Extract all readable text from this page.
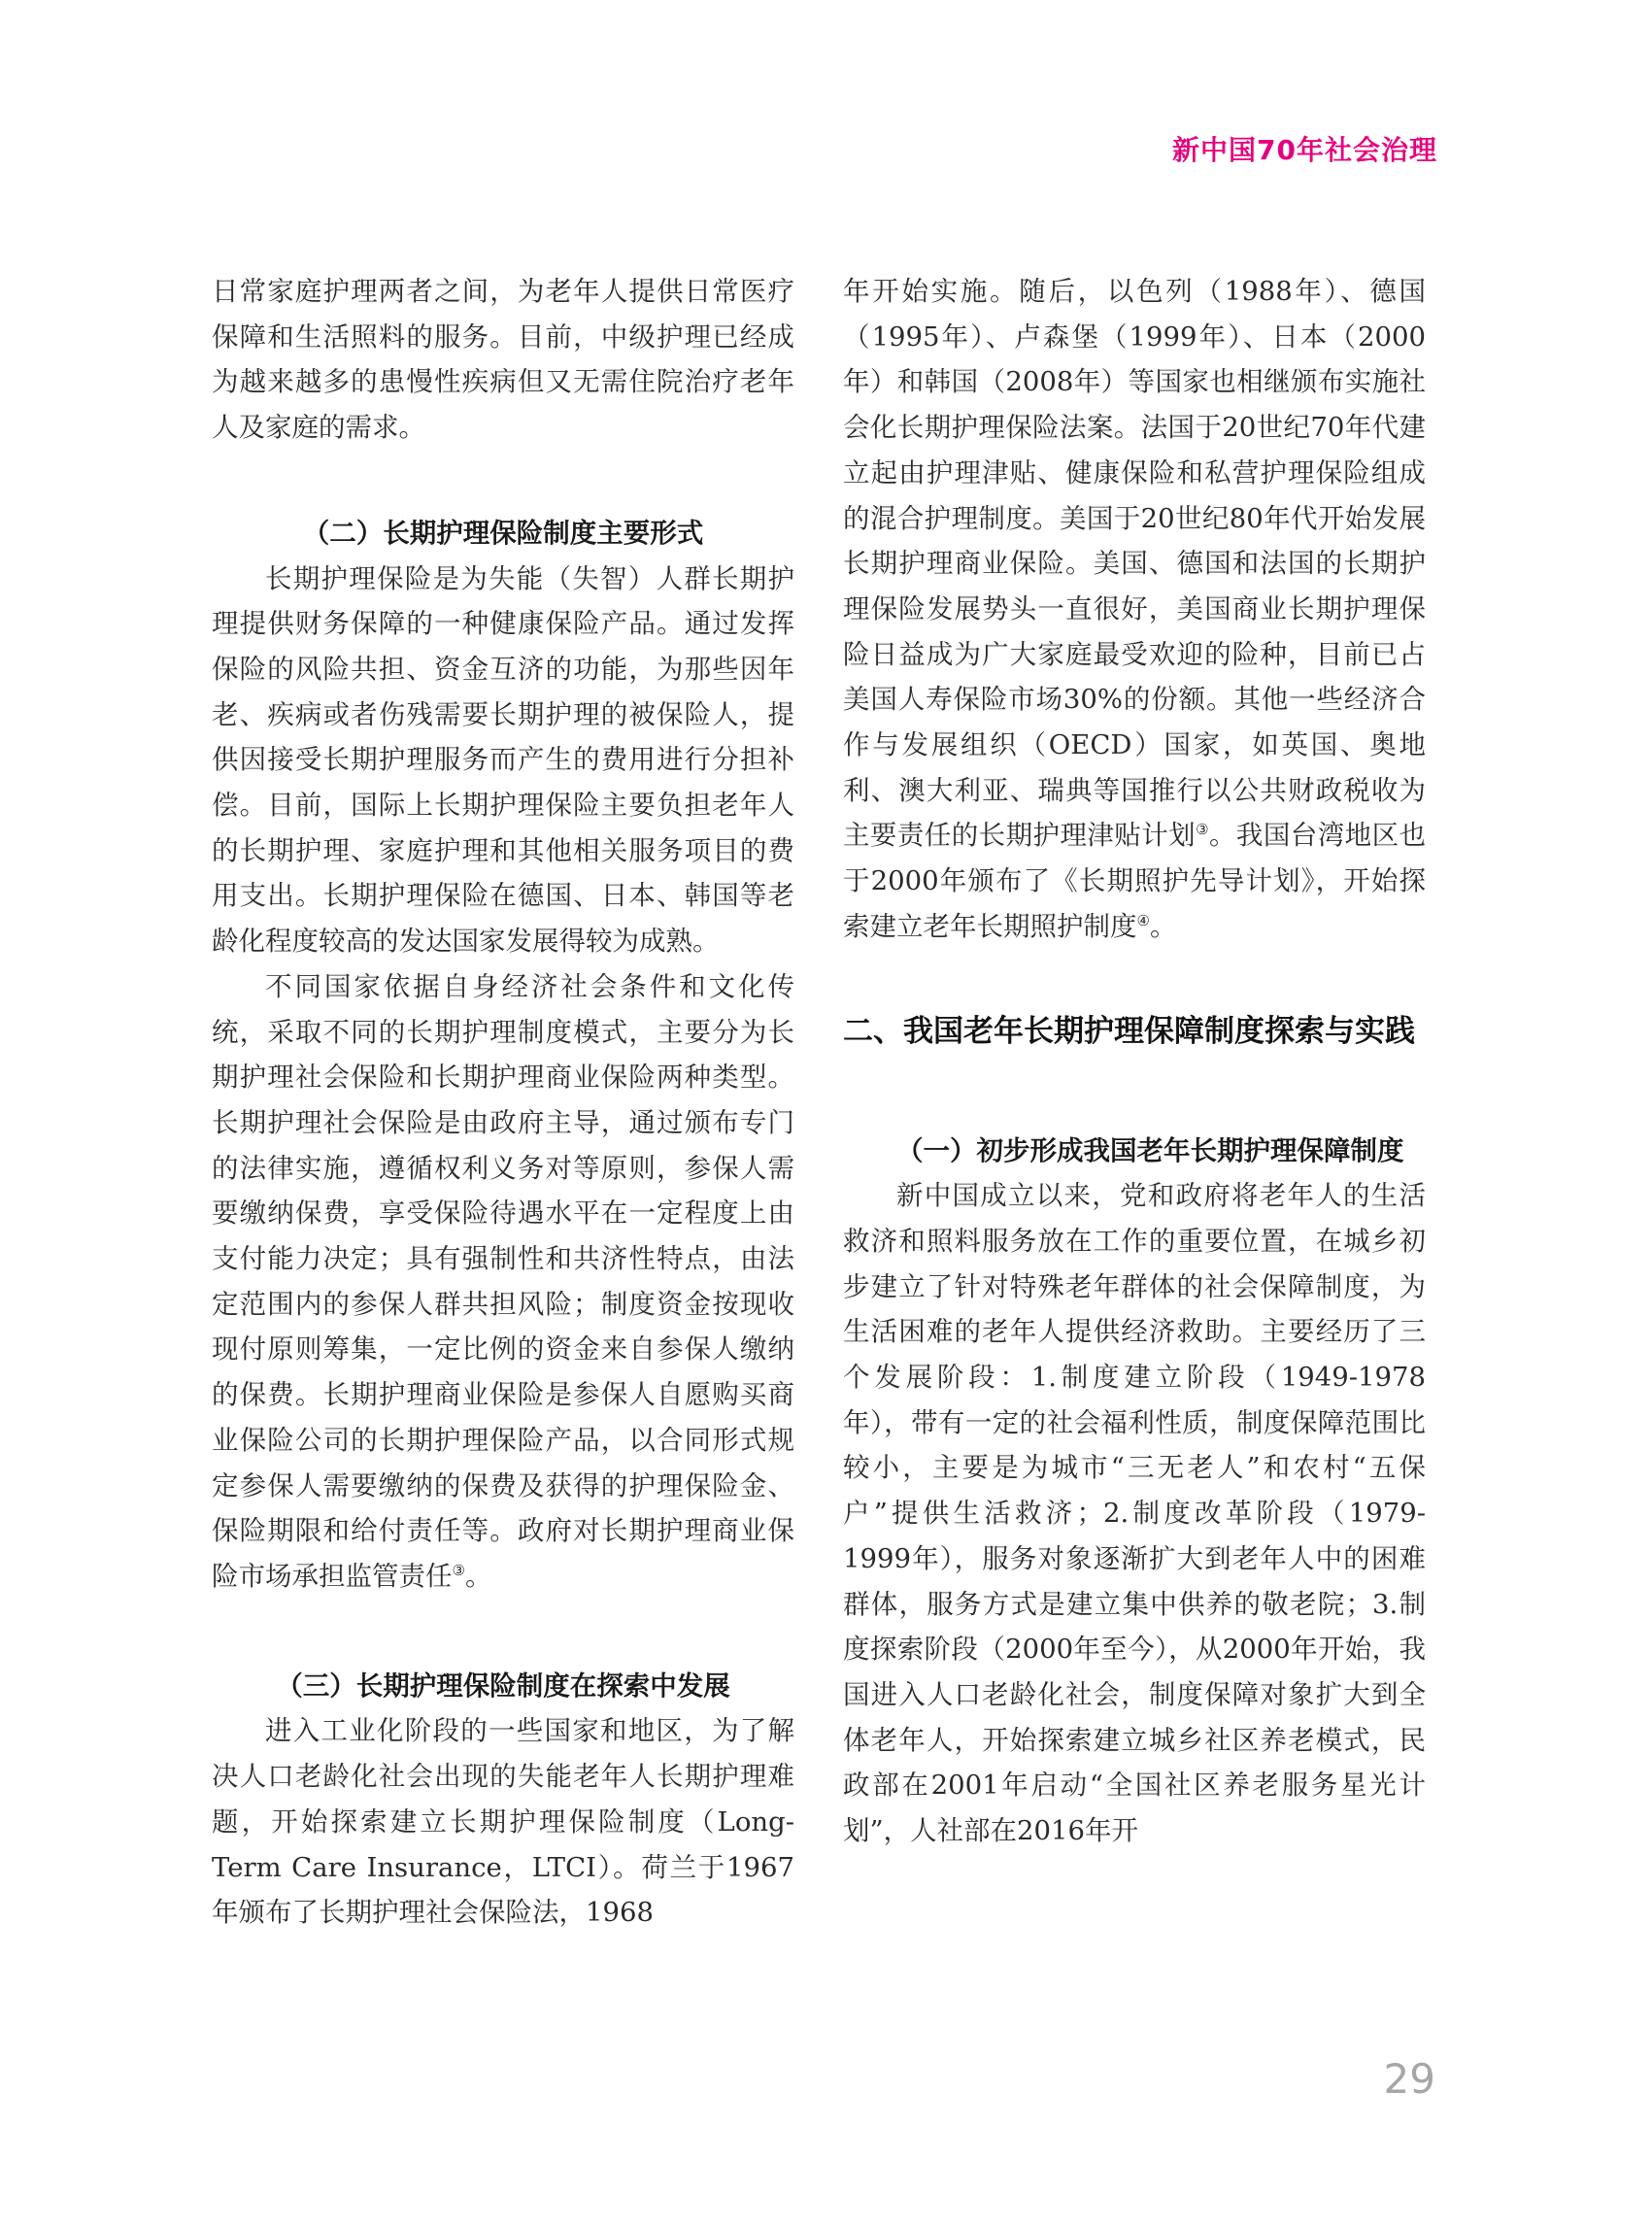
新中国70年社会治理

日常家庭护理两者之间，为老年人提供日常医疗保障和生活照料的服务。目前，中级护理已经成为越来越多的患慢性疾病但又无需住院治疗老年人及家庭的需求。

（二）长期护理保险制度主要形式

长期护理保险是为失能（失智）人群长期护理提供财务保障的一种健康保险产品。通过发挥保险的风险共担、资金互济的功能，为那些因年老、疾病或者伤残需要长期护理的被保险人，提供因接受长期护理服务而产生的费用进行分担补偿。目前，国际上长期护理保险主要负担老年人的长期护理、家庭护理和其他相关服务项目的费用支出。长期护理保险在德国、日本、韩国等老龄化程度较高的发达国家发展得较为成熟。

不同国家依据自身经济社会条件和文化传统，采取不同的长期护理制度模式，主要分为长期护理社会保险和长期护理商业保险两种类型。长期护理社会保险是由政府主导，通过颁布专门的法律实施，遵循权利义务对等原则，参保人需要缴纳保费，享受保险待遇水平在一定程度上由支付能力决定；具有强制性和共济性特点，由法定范围内的参保人群共担风险；制度资金按现收现付原则筹集，一定比例的资金来自参保人缴纳的保费。长期护理商业保险是参保人自愿购买商业保险公司的长期护理保险产品，以合同形式规定参保人需要缴纳的保费及获得的护理保险金、保险期限和给付责任等。政府对长期护理商业保险市场承担监管责任③。

（三）长期护理保险制度在探索中发展

进入工业化阶段的一些国家和地区，为了解决人口老龄化社会出现的失能老年人长期护理难题，开始探索建立长期护理保险制度（Long-Term Care Insurance，LTCI）。荷兰于1967年颁布了长期护理社会保险法，1968

年开始实施。随后，以色列（1988年）、德国（1995年）、卢森堡（1999年）、日本（2000年）和韩国（2008年）等国家也相继颁布实施社会化长期护理保险法案。法国于20世纪70年代建立起由护理津贴、健康保险和私营护理保险组成的混合护理制度。美国于20世纪80年代开始发展长期护理商业保险。美国、德国和法国的长期护理保险发展势头一直很好，美国商业长期护理保险日益成为广大家庭最受欢迎的险种，目前已占美国人寿保险市场30%的份额。其他一些经济合作与发展组织（OECD）国家，如英国、奥地利、澳大利亚、瑞典等国推行以公共财政税收为主要责任的长期护理津贴计划③。我国台湾地区也于2000年颁布了《长期照护先导计划》，开始探索建立老年长期照护制度④。

二、我国老年长期护理保障制度探索与实践
（一）初步形成我国老年长期护理保障制度

新中国成立以来，党和政府将老年人的生活救济和照料服务放在工作的重要位置，在城乡初步建立了针对特殊老年群体的社会保障制度，为生活困难的老年人提供经济救助。主要经历了三个发展阶段：1.制度建立阶段（1949-1978年），带有一定的社会福利性质，制度保障范围比较小，主要是为城市“三无老人”和农村“五保户”提供生活救济；2.制度改革阶段（1979-1999年），服务对象逐渐扩大到老年人中的困难群体，服务方式是建立集中供养的敬老院；3.制度探索阶段（2000年至今），从2000年开始，我国进入人口老龄化社会，制度保障对象扩大到全体老年人，开始探索建立城乡社区养老模式，民政部在2001年启动“全国社区养老服务星光计划”，人社部在2016年开

29
